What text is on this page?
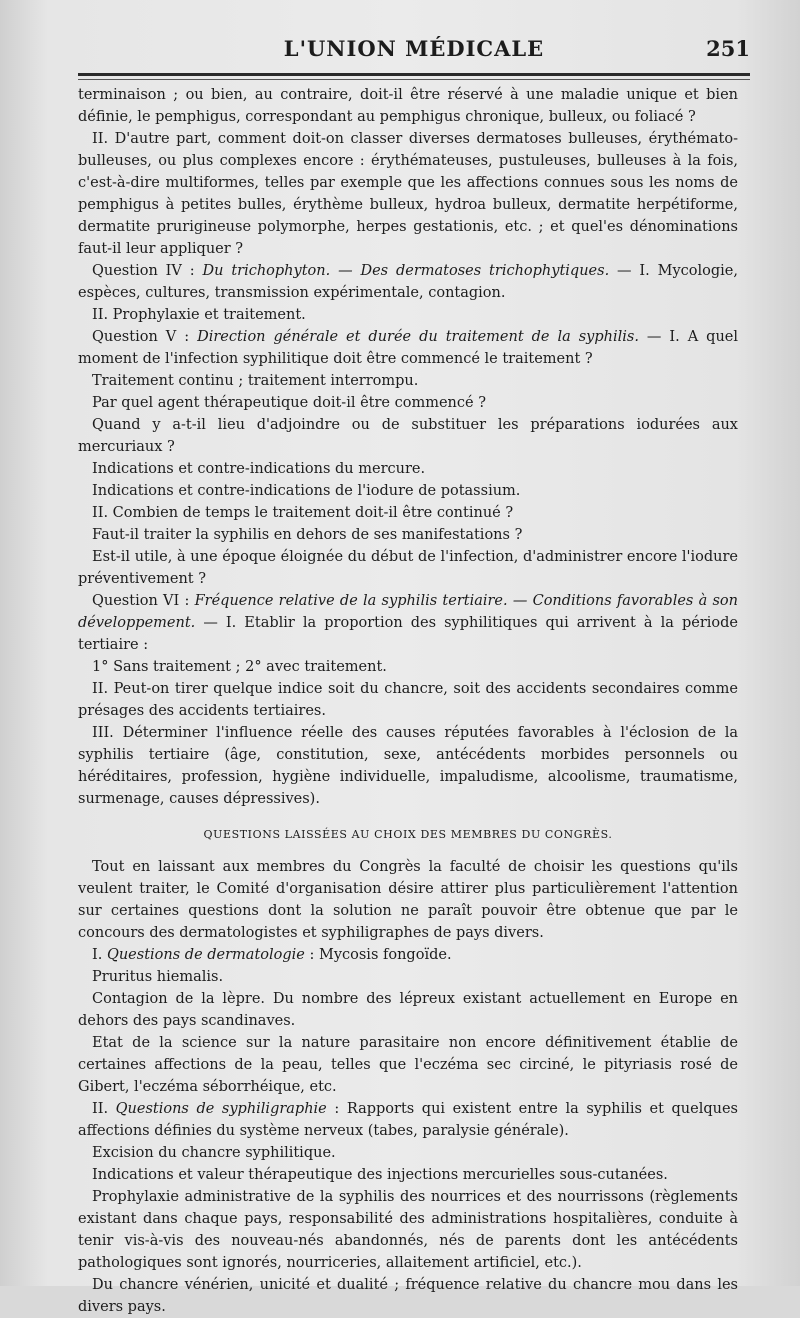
L'UNION MÉDICALE	251

terminaison ; ou bien, au contraire, doit-il être réservé à une maladie unique et bien définie, le pemphigus, correspondant au pemphigus chronique, bulleux, ou foliacé ?

II. D'autre part, comment doit-on classer diverses dermatoses bulleuses, érythémato-bulleuses, ou plus complexes encore : érythémateuses, pustuleuses, bulleuses à la fois, c'est-à-dire multiformes, telles par exemple que les affections connues sous les noms de pemphigus à petites bulles, érythème bulleux, hydroa bulleux, dermatite herpétiforme, dermatite prurigineuse polymorphe, herpes gestationis, etc. ; et quel'es dénominations faut-il leur appliquer ?

Question IV : Du trichophyton. — Des dermatoses trichophytiques. — I. Mycologie, espèces, cultures, transmission expérimentale, contagion.

II. Prophylaxie et traitement.

Question V : Direction générale et durée du traitement de la syphilis. — I. A quel moment de l'infection syphilitique doit être commencé le traitement ?

Traitement continu ; traitement interrompu.

Par quel agent thérapeutique doit-il être commencé ?

Quand y a-t-il lieu d'adjoindre ou de substituer les préparations iodurées aux mercuriaux ?

Indications et contre-indications du mercure.

Indications et contre-indications de l'iodure de potassium.

II. Combien de temps le traitement doit-il être continué ?

Faut-il traiter la syphilis en dehors de ses manifestations ?

Est-il utile, à une époque éloignée du début de l'infection, d'administrer encore l'iodure préventivement ?

Question VI : Fréquence relative de la syphilis tertiaire. — Conditions favorables à son développement. — I. Etablir la proportion des syphilitiques qui arrivent à la période tertiaire :

1° Sans traitement ; 2° avec traitement.

II. Peut-on tirer quelque indice soit du chancre, soit des accidents secondaires comme présages des accidents tertiaires.

III. Déterminer l'influence réelle des causes réputées favorables à l'éclosion de la syphilis tertiaire (âge, constitution, sexe, antécédents morbides personnels ou héréditaires, profession, hygiène individuelle, impaludisme, alcoolisme, traumatisme, surmenage, causes dépressives).

QUESTIONS LAISSÉES AU CHOIX DES MEMBRES DU CONGRÈS.

Tout en laissant aux membres du Congrès la faculté de choisir les questions qu'ils veulent traiter, le Comité d'organisation désire attirer plus particulièrement l'attention sur certaines questions dont la solution ne paraît pouvoir être obtenue que par le concours des dermatologistes et syphiligraphes de pays divers.

I. Questions de dermatologie : Mycosis fongoïde.

Pruritus hiemalis.

Contagion de la lèpre. Du nombre des lépreux existant actuellement en Europe en dehors des pays scandinaves.

Etat de la science sur la nature parasitaire non encore définitivement établie de certaines affections de la peau, telles que l'eczéma sec circiné, le pityriasis rosé de Gibert, l'eczéma séborrhéique, etc.

II. Questions de syphiligraphie : Rapports qui existent entre la syphilis et quelques affections définies du système nerveux (tabes, paralysie générale).

Excision du chancre syphilitique.

Indications et valeur thérapeutique des injections mercurielles sous-cutanées.

Prophylaxie administrative de la syphilis des nourrices et des nourrissons (règlements existant dans chaque pays, responsabilité des administrations hospitalières, conduite à tenir vis-à-vis des nouveau-nés abandonnés, nés de parents dont les antécédents pathologiques sont ignorés, nourriceries, allaitement artificiel, etc.).

Du chancre vénérien, unicité et dualité ; fréquence relative du chancre mou dans les divers pays.
